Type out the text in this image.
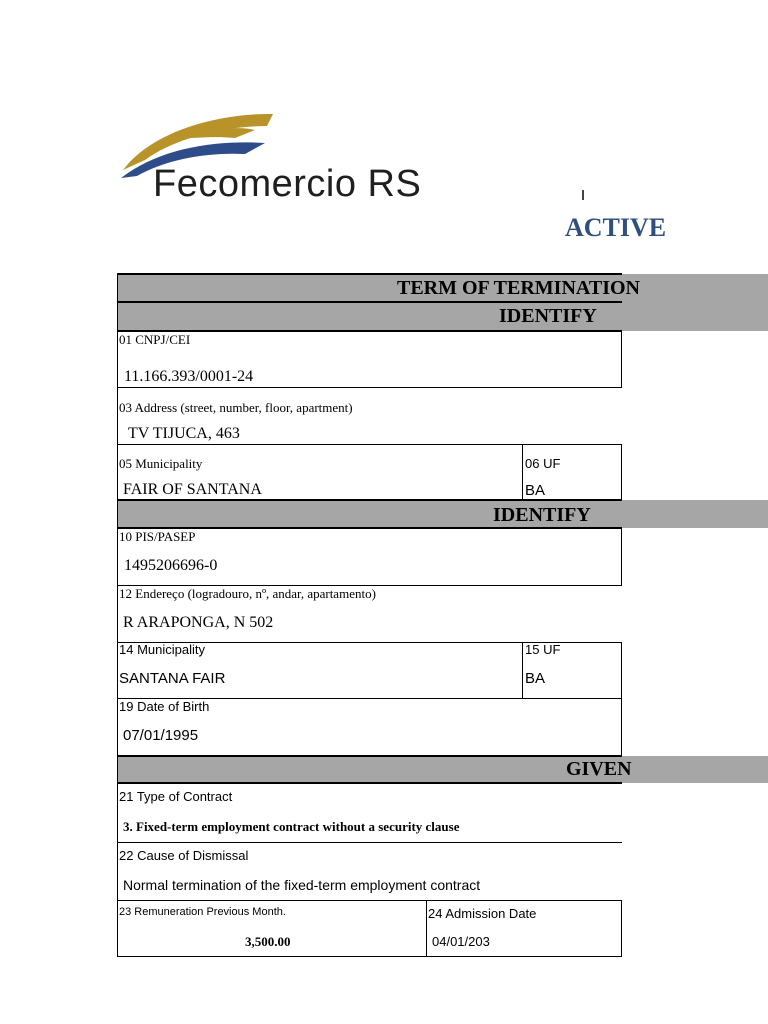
Fecomercio RS
ACTIVE
TERM OF TERMINATION
IDENTIFY
01 CNPJ/CEI
11.166.393/0001-24
03 Address (street, number, floor, apartment)
TV TIJUCA, 463
05 Municipality
FAIR OF SANTANA
06 UF
BA
IDENTIFY
10 PIS/PASEP
1495206696-0
12 Endereço (logradouro, nº, andar, apartamento)
R ARAPONGA, N 502
14 Municipality
SANTANA FAIR
15 UF
BA
19 Date of Birth
07/01/1995
GIVEN
21 Type of Contract
3. Fixed-term employment contract without a security clause
22 Cause of Dismissal
Normal termination of the fixed-term employment contract
23 Remuneration Previous Month.
3,500.00
24 Admission Date
04/01/203
